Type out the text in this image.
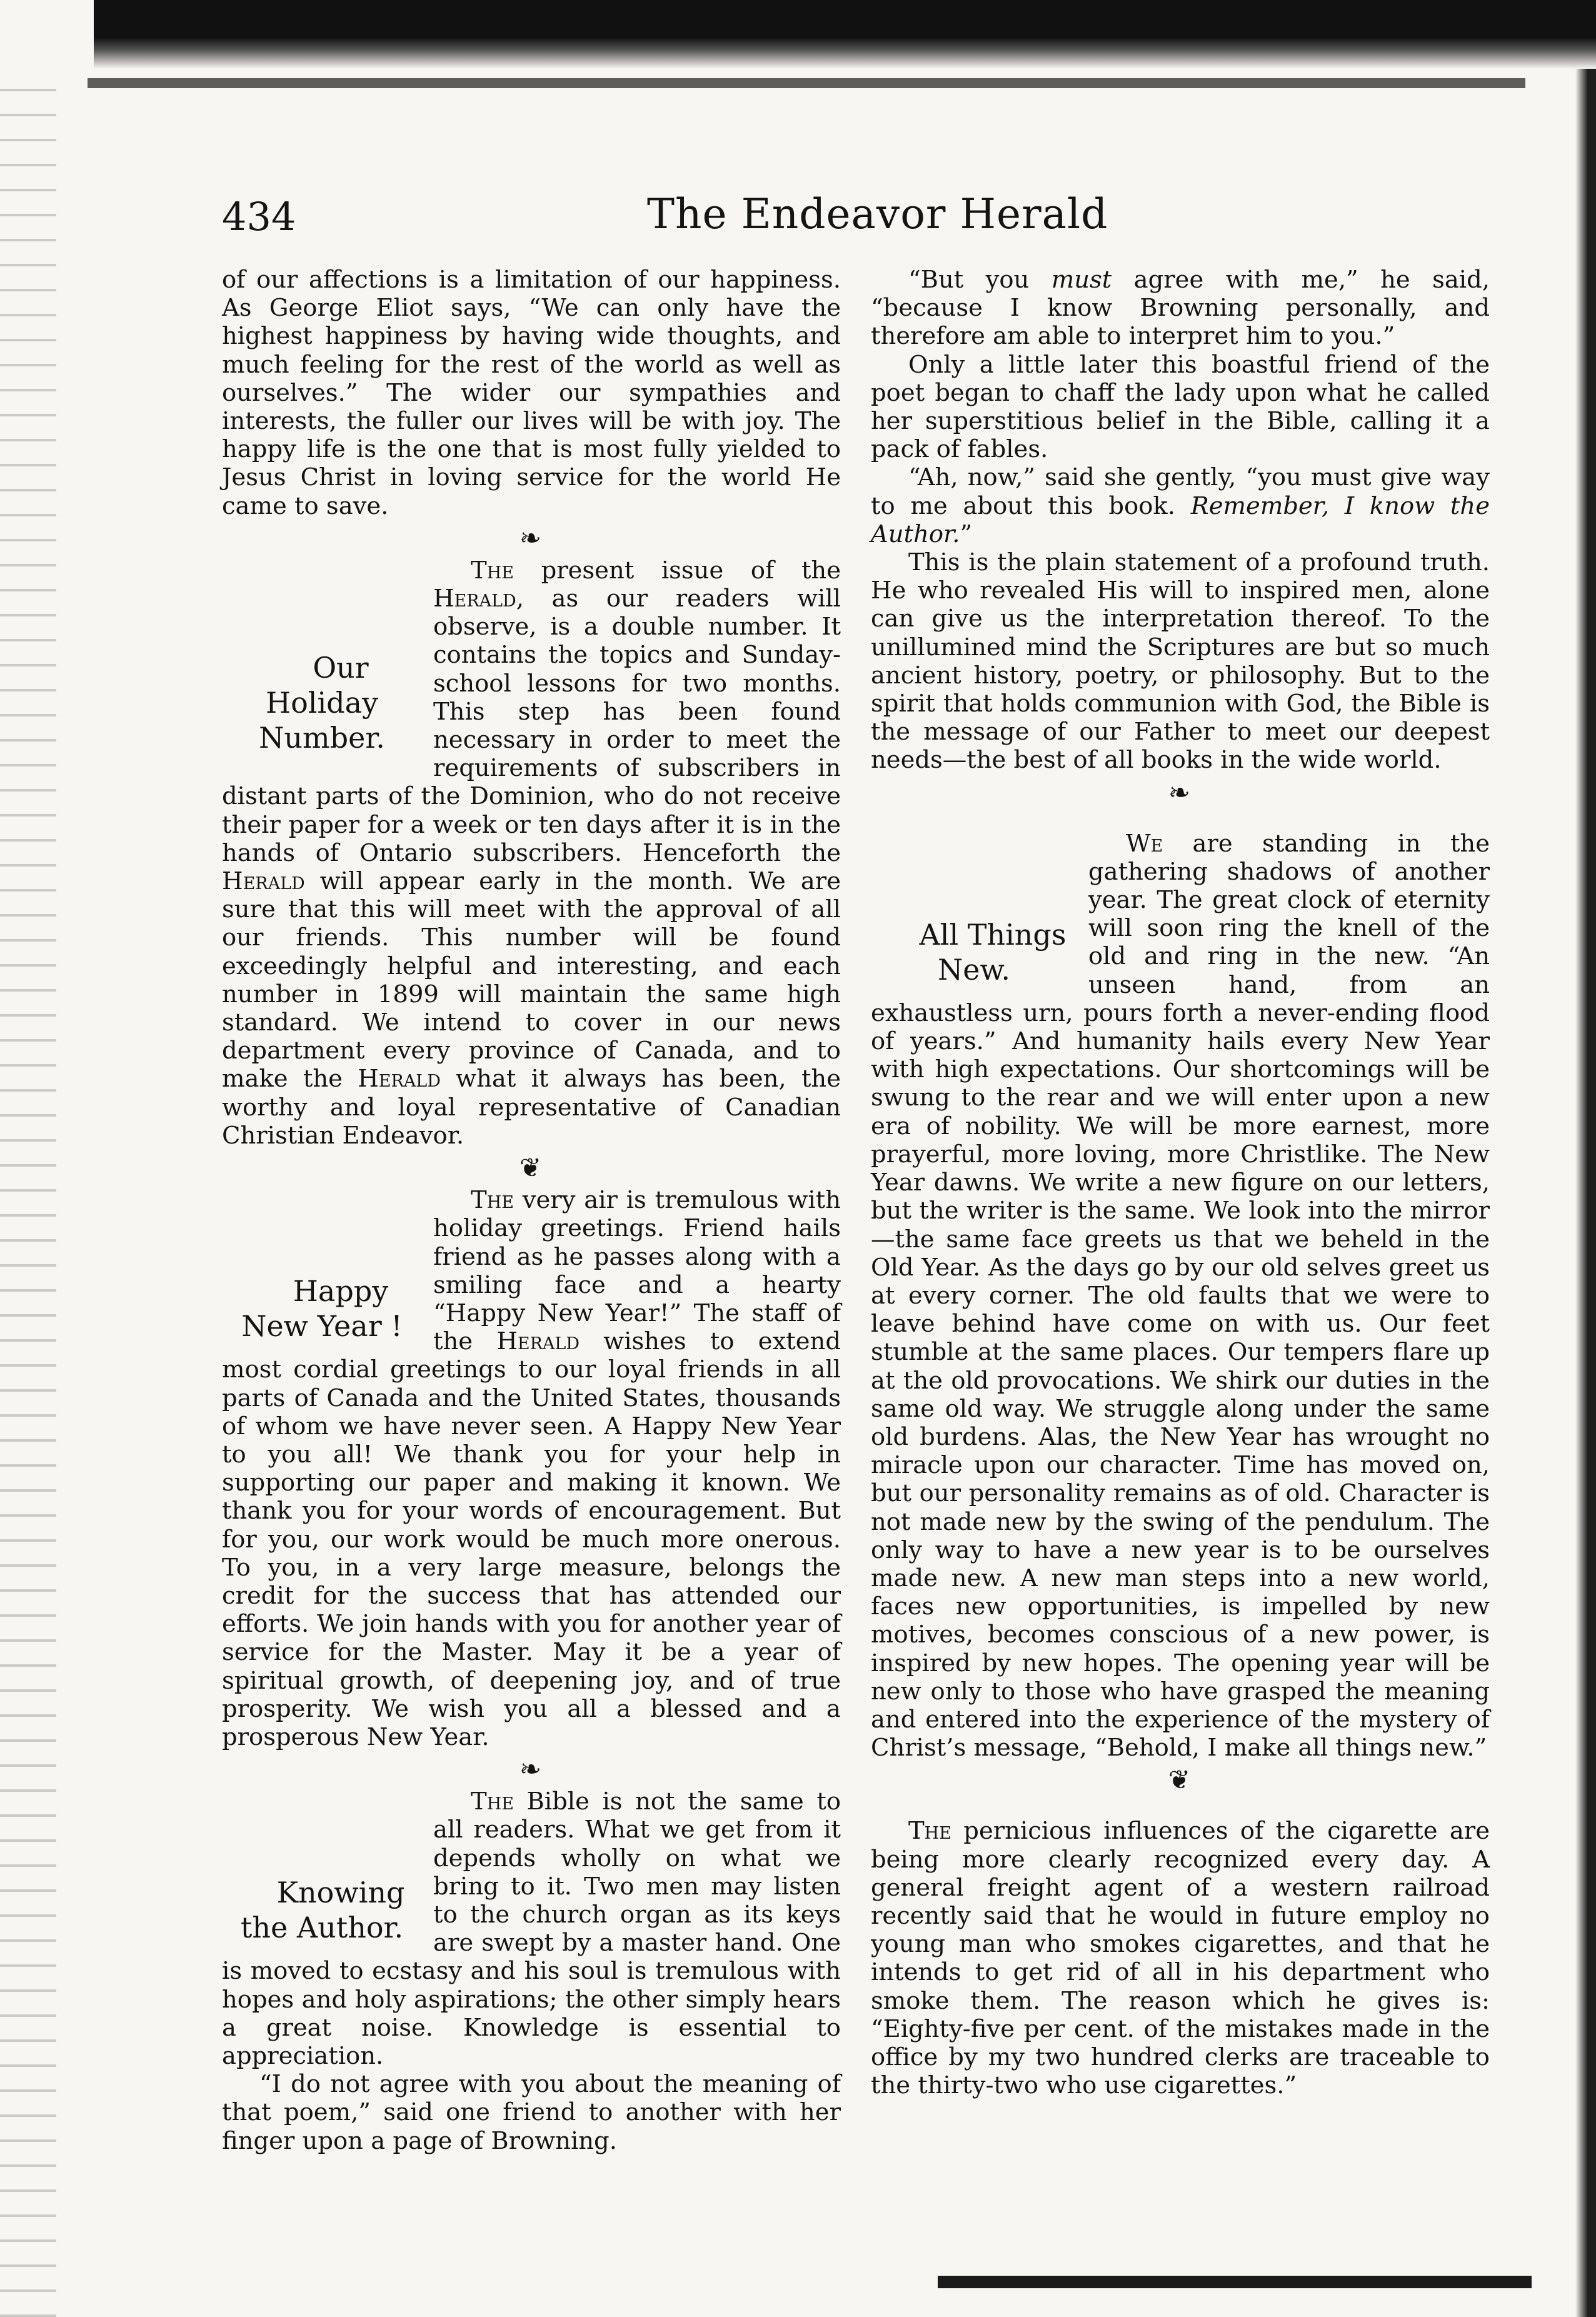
434	The Endeavor Herald

of our affections is a limitation of our happiness. As George Eliot says, “We can only have the highest happiness by having wide thoughts, and much feeling for the rest of the world as well as ourselves.” The wider our sympathies and interests, the fuller our lives will be with joy. The happy life is the one that is most fully yielded to Jesus Christ in loving service for the world He came to save.

❧

Our Holiday Number.
The present issue of the Herald, as our readers will observe, is a double number. It contains the topics and Sunday-school lessons for two months. This step has been found necessary in order to meet the requirements of subscribers in distant parts of the Dominion, who do not receive their paper for a week or ten days after it is in the hands of Ontario subscribers. Henceforth the Herald will appear early in the month. We are sure that this will meet with the approval of all our friends. This number will be found exceedingly helpful and interesting, and each number in 1899 will maintain the same high standard. We intend to cover in our news department every province of Canada, and to make the Herald what it always has been, the worthy and loyal representative of Canadian Christian Endeavor.

❦

Happy New Year !
The very air is tremulous with holiday greetings. Friend hails friend as he passes along with a smiling face and a hearty “Happy New Year!” The staff of the Herald wishes to extend most cordial greetings to our loyal friends in all parts of Canada and the United States, thousands of whom we have never seen. A Happy New Year to you all! We thank you for your help in supporting our paper and making it known. We thank you for your words of encouragement. But for you, our work would be much more onerous. To you, in a very large measure, belongs the credit for the success that has attended our efforts. We join hands with you for another year of service for the Master. May it be a year of spiritual growth, of deepening joy, and of true prosperity. We wish you all a blessed and a prosperous New Year.

❧

Knowing the Author.
The Bible is not the same to all readers. What we get from it depends wholly on what we bring to it. Two men may listen to the church organ as its keys are swept by a master hand. One is moved to ecstasy and his soul is tremulous with hopes and holy aspirations; the other simply hears a great noise. Knowledge is essential to appreciation.

“I do not agree with you about the meaning of that poem,” said one friend to another with her finger upon a page of Browning.

“But you must agree with me,” he said, “because I know Browning personally, and therefore am able to interpret him to you.”

Only a little later this boastful friend of the poet began to chaff the lady upon what he called her superstitious belief in the Bible, calling it a pack of fables.

“Ah, now,” said she gently, “you must give way to me about this book. Remember, I know the Author.”

This is the plain statement of a profound truth. He who revealed His will to inspired men, alone can give us the interpretation thereof. To the unillumined mind the Scriptures are but so much ancient history, poetry, or philosophy. But to the spirit that holds communion with God, the Bible is the message of our Father to meet our deepest needs—the best of all books in the wide world.

❧

All Things New.
We are standing in the gathering shadows of another year. The great clock of eternity will soon ring the knell of the old and ring in the new. “An unseen hand, from an exhaustless urn, pours forth a never-ending flood of years.” And humanity hails every New Year with high expectations. Our shortcomings will be swung to the rear and we will enter upon a new era of nobility. We will be more earnest, more prayerful, more loving, more Christlike. The New Year dawns. We write a new figure on our letters, but the writer is the same. We look into the mirror—the same face greets us that we beheld in the Old Year. As the days go by our old selves greet us at every corner. The old faults that we were to leave behind have come on with us. Our feet stumble at the same places. Our tempers flare up at the old provocations. We shirk our duties in the same old way. We struggle along under the same old burdens. Alas, the New Year has wrought no miracle upon our character. Time has moved on, but our personality remains as of old. Character is not made new by the swing of the pendulum. The only way to have a new year is to be ourselves made new. A new man steps into a new world, faces new opportunities, is impelled by new motives, becomes conscious of a new power, is inspired by new hopes. The opening year will be new only to those who have grasped the meaning and entered into the experience of the mystery of Christ’s message, “Behold, I make all things new.”

❦

The pernicious influences of the cigarette are being more clearly recognized every day. A general freight agent of a western railroad recently said that he would in future employ no young man who smokes cigarettes, and that he intends to get rid of all in his department who smoke them. The reason which he gives is: “Eighty-five per cent. of the mistakes made in the office by my two hundred clerks are traceable to the thirty-two who use cigarettes.”
